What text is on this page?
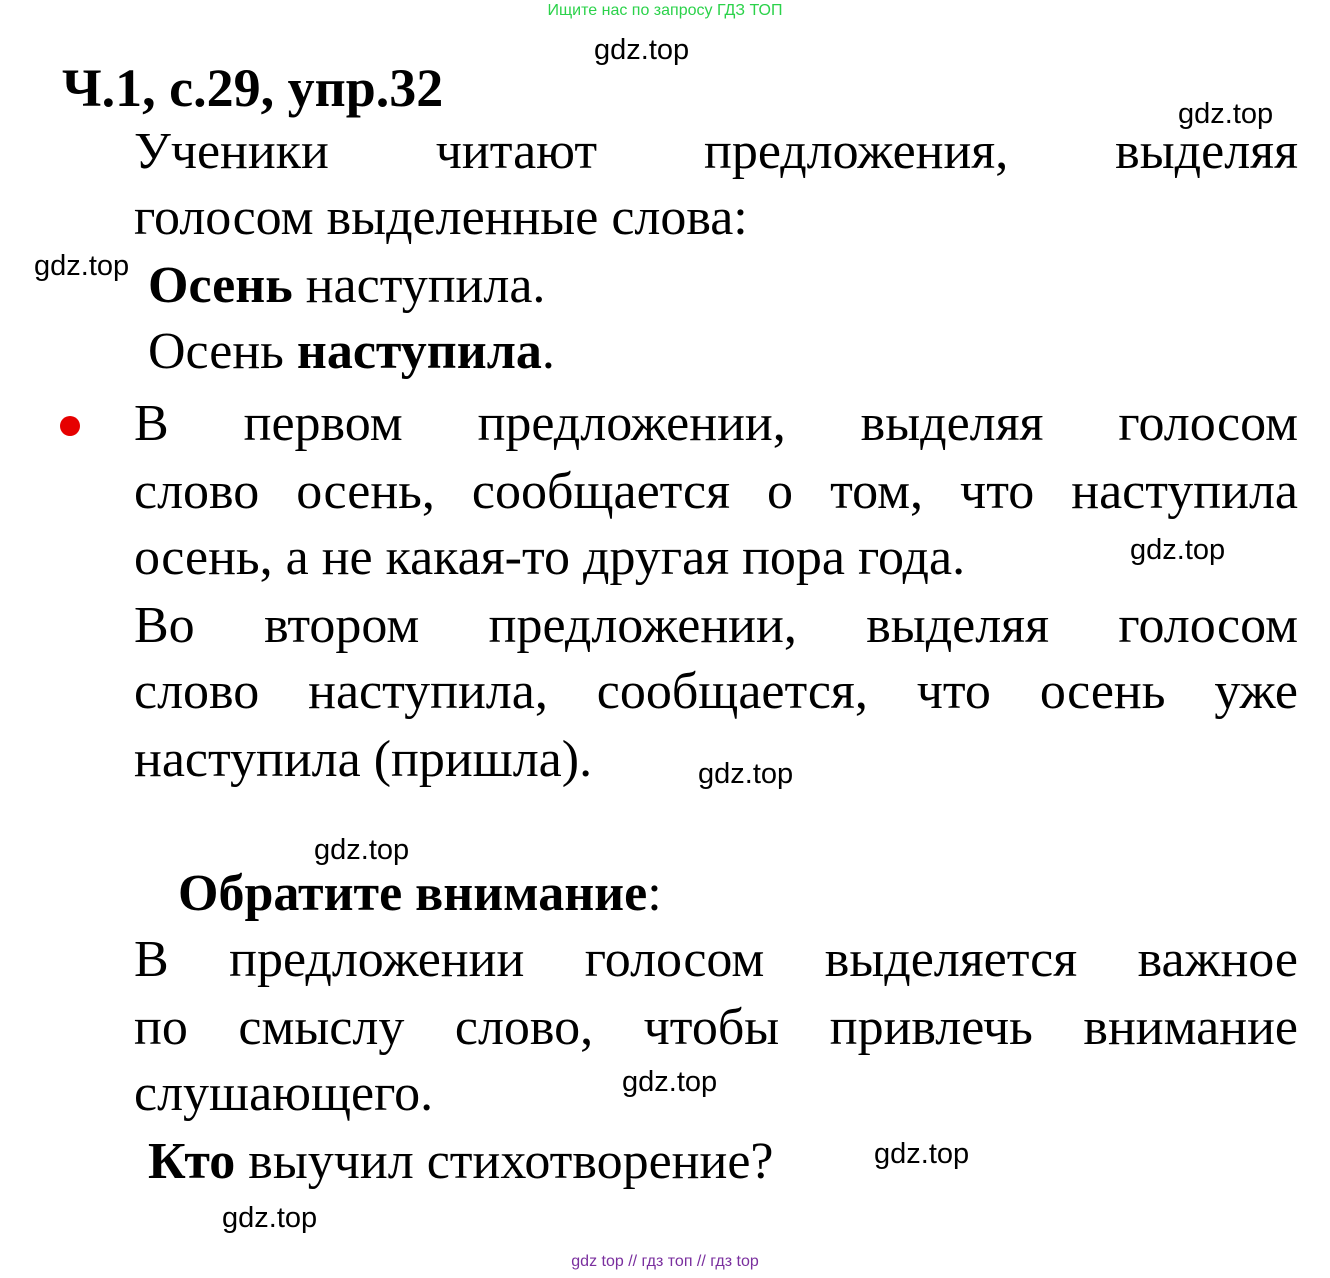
Ищите нас по запросу ГДЗ ТОП
Ч.1, с.29, упр.32
gdz.top
gdz.top
gdz.top
gdz.top
gdz.top
gdz.top
gdz.top
gdz.top
gdz.top
Ученики читают предложения, выделяя
голосом выделенные слова:
Осень наступила.
Осень наступила.
В первом предложении, выделяя голосом
слово осень, сообщается о том, что наступила
осень, а не какая-то другая пора года.
Во втором предложении, выделяя голосом
слово наступила, сообщается, что осень уже
наступила (пришла).
Обратите внимание:
В предложении голосом выделяется важное
по смыслу слово, чтобы привлечь внимание
слушающего.
Кто выучил стихотворение?
gdz top // гдз топ // гдз top
